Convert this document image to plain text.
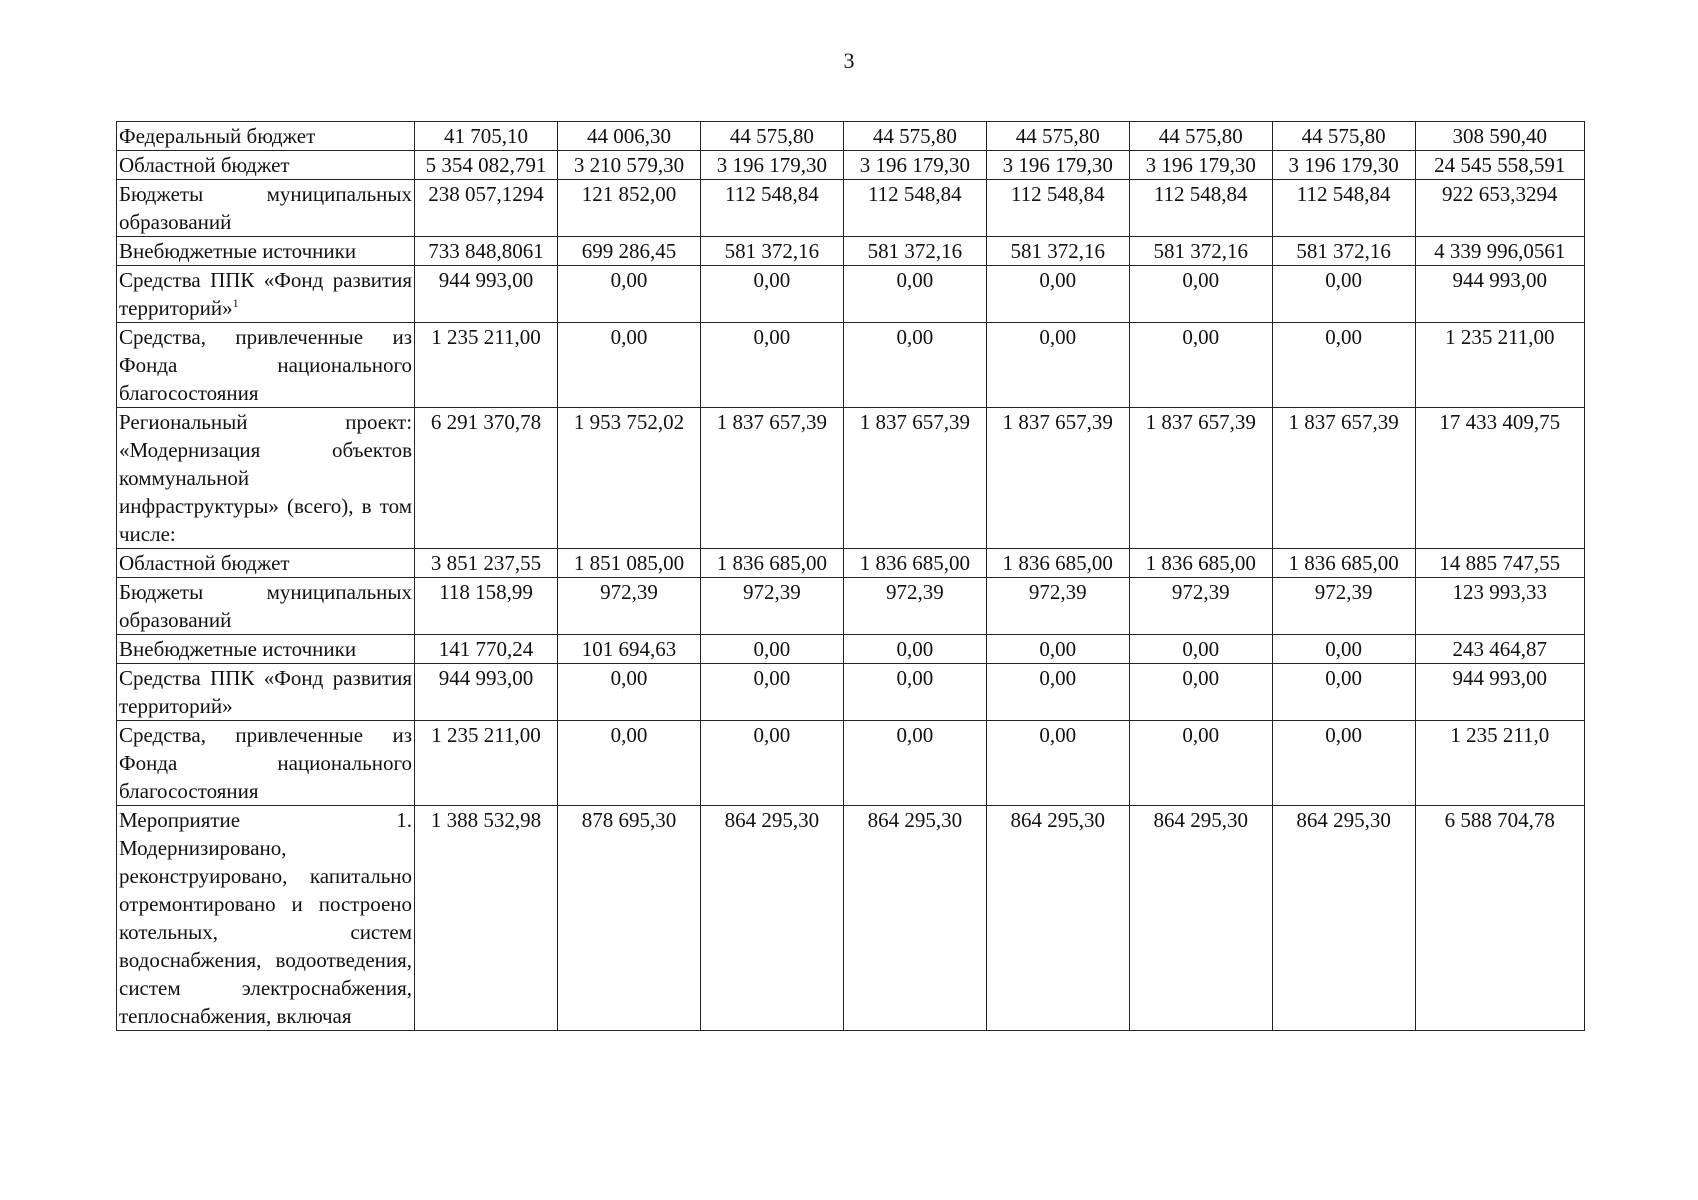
3
Федеральный бюджет	41 705,10	44 006,30	44 575,80	44 575,80	44 575,80	44 575,80	44 575,80	308 590,40
Областной бюджет	5 354 082,791	3 210 579,30	3 196 179,30	3 196 179,30	3 196 179,30	3 196 179,30	3 196 179,30	24 545 558,591
Бюджеты муниципальных образований	238 057,1294	121 852,00	112 548,84	112 548,84	112 548,84	112 548,84	112 548,84	922 653,3294
Внебюджетные источники	733 848,8061	699 286,45	581 372,16	581 372,16	581 372,16	581 372,16	581 372,16	4 339 996,0561
Средства ППК «Фонд развития территорий»$^1$	944 993,00	0,00	0,00	0,00	0,00	0,00	0,00	944 993,00
Средства, привлеченные из Фонда национального благосостояния	1 235 211,00	0,00	0,00	0,00	0,00	0,00	0,00	1 235 211,00
Региональный проект: «Модернизация объектов коммунальной инфраструктуры» (всего), в том числе:	6 291 370,78	1 953 752,02	1 837 657,39	1 837 657,39	1 837 657,39	1 837 657,39	1 837 657,39	17 433 409,75
Областной бюджет	3 851 237,55	1 851 085,00	1 836 685,00	1 836 685,00	1 836 685,00	1 836 685,00	1 836 685,00	14 885 747,55
Бюджеты муниципальных образований	118 158,99	972,39	972,39	972,39	972,39	972,39	972,39	123 993,33
Внебюджетные источники	141 770,24	101 694,63	0,00	0,00	0,00	0,00	0,00	243 464,87
Средства ППК «Фонд развития территорий»	944 993,00	0,00	0,00	0,00	0,00	0,00	0,00	944 993,00
Средства, привлеченные из Фонда национального благосостояния	1 235 211,00	0,00	0,00	0,00	0,00	0,00	0,00	1 235 211,0
Мероприятие 1. Модернизировано, реконструировано, капитально отремонтировано и построено котельных, систем водоснабжения, водоотведения, систем электроснабжения, теплоснабжения, включая	1 388 532,98	878 695,30	864 295,30	864 295,30	864 295,30	864 295,30	864 295,30	6 588 704,78
